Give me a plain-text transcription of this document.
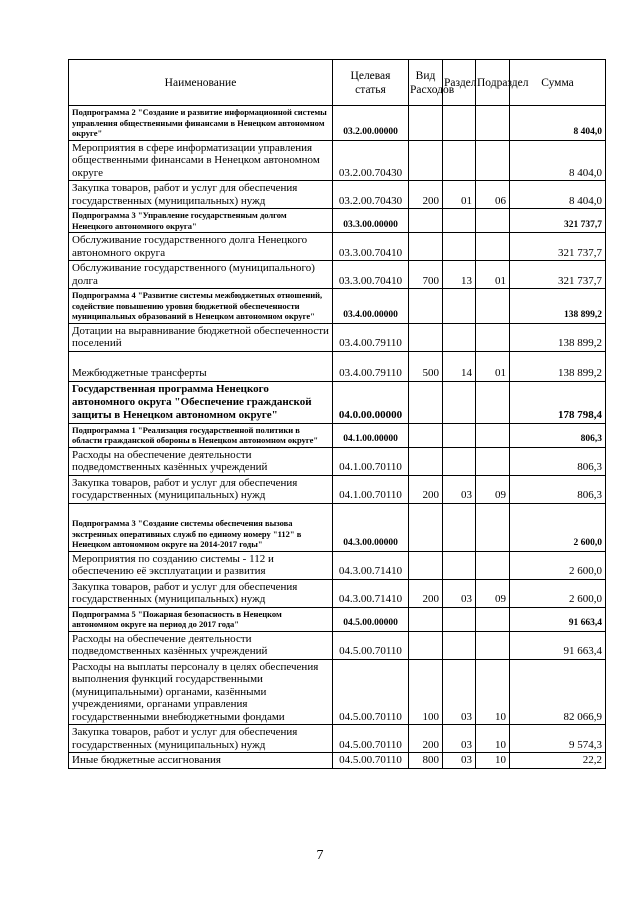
Наименование	Целевая статья	Вид Расходов	Раздел	Подраздел	Сумма
Подпрограмма 2 "Создание и развитие информационной системы управления общественными финансами в Ненецком автономном округе"	03.2.00.00000				8 404,0
Мероприятия в сфере информатизации управления общественными финансами в Ненецком автономном округе	03.2.00.70430				8 404,0
Закупка товаров, работ и услуг для обеспечения государственных (муниципальных) нужд	03.2.00.70430	200	01	06	8 404,0
Подпрограмма 3 "Управление государственным долгом Ненецкого автономного округа"	03.3.00.00000				321 737,7
Обслуживание государственного долга Ненецкого автономного округа	03.3.00.70410				321 737,7
Обслуживание государственного (муниципального) долга	03.3.00.70410	700	13	01	321 737,7
Подпрограмма 4 "Развитие системы межбюджетных отношений, содействие повышению уровня бюджетной обеспеченности муниципальных образований в Ненецком автономном округе"	03.4.00.00000				138 899,2
Дотации на выравнивание бюджетной обеспеченности поселений	03.4.00.79110				138 899,2
Межбюджетные трансферты	03.4.00.79110	500	14	01	138 899,2
Государственная программа Ненецкого автономного округа "Обеспечение гражданской защиты в Ненецком автономном округе"	04.0.00.00000				178 798,4
Подпрограмма 1 "Реализация государственной политики в области гражданской обороны в Ненецком автономном округе"	04.1.00.00000				806,3
Расходы на обеспечение деятельности подведомственных казённых учреждений	04.1.00.70110				806,3
Закупка товаров, работ и услуг для обеспечения государственных (муниципальных) нужд	04.1.00.70110	200	03	09	806,3
Подпрограмма 3 "Создание системы обеспечения вызова экстренных оперативных служб по единому номеру "112" в Ненецком автономном округе на 2014-2017 годы"	04.3.00.00000				2 600,0
Мероприятия по созданию системы - 112 и обеспечению её эксплуатации и развития	04.3.00.71410				2 600,0
Закупка товаров, работ и услуг для обеспечения государственных (муниципальных) нужд	04.3.00.71410	200	03	09	2 600,0
Подпрограмма 5 "Пожарная безопасность в Ненецком автономном округе на период до 2017 года"	04.5.00.00000				91 663,4
Расходы на обеспечение деятельности подведомственных казённых учреждений	04.5.00.70110				91 663,4
Расходы на выплаты персоналу в целях обеспечения выполнения функций государственными (муниципальными) органами, казёнными учреждениями, органами управления государственными внебюджетными фондами	04.5.00.70110	100	03	10	82 066,9
Закупка товаров, работ и услуг для обеспечения государственных (муниципальных) нужд	04.5.00.70110	200	03	10	9 574,3
Иные бюджетные ассигнования	04.5.00.70110	800	03	10	22,2
7
